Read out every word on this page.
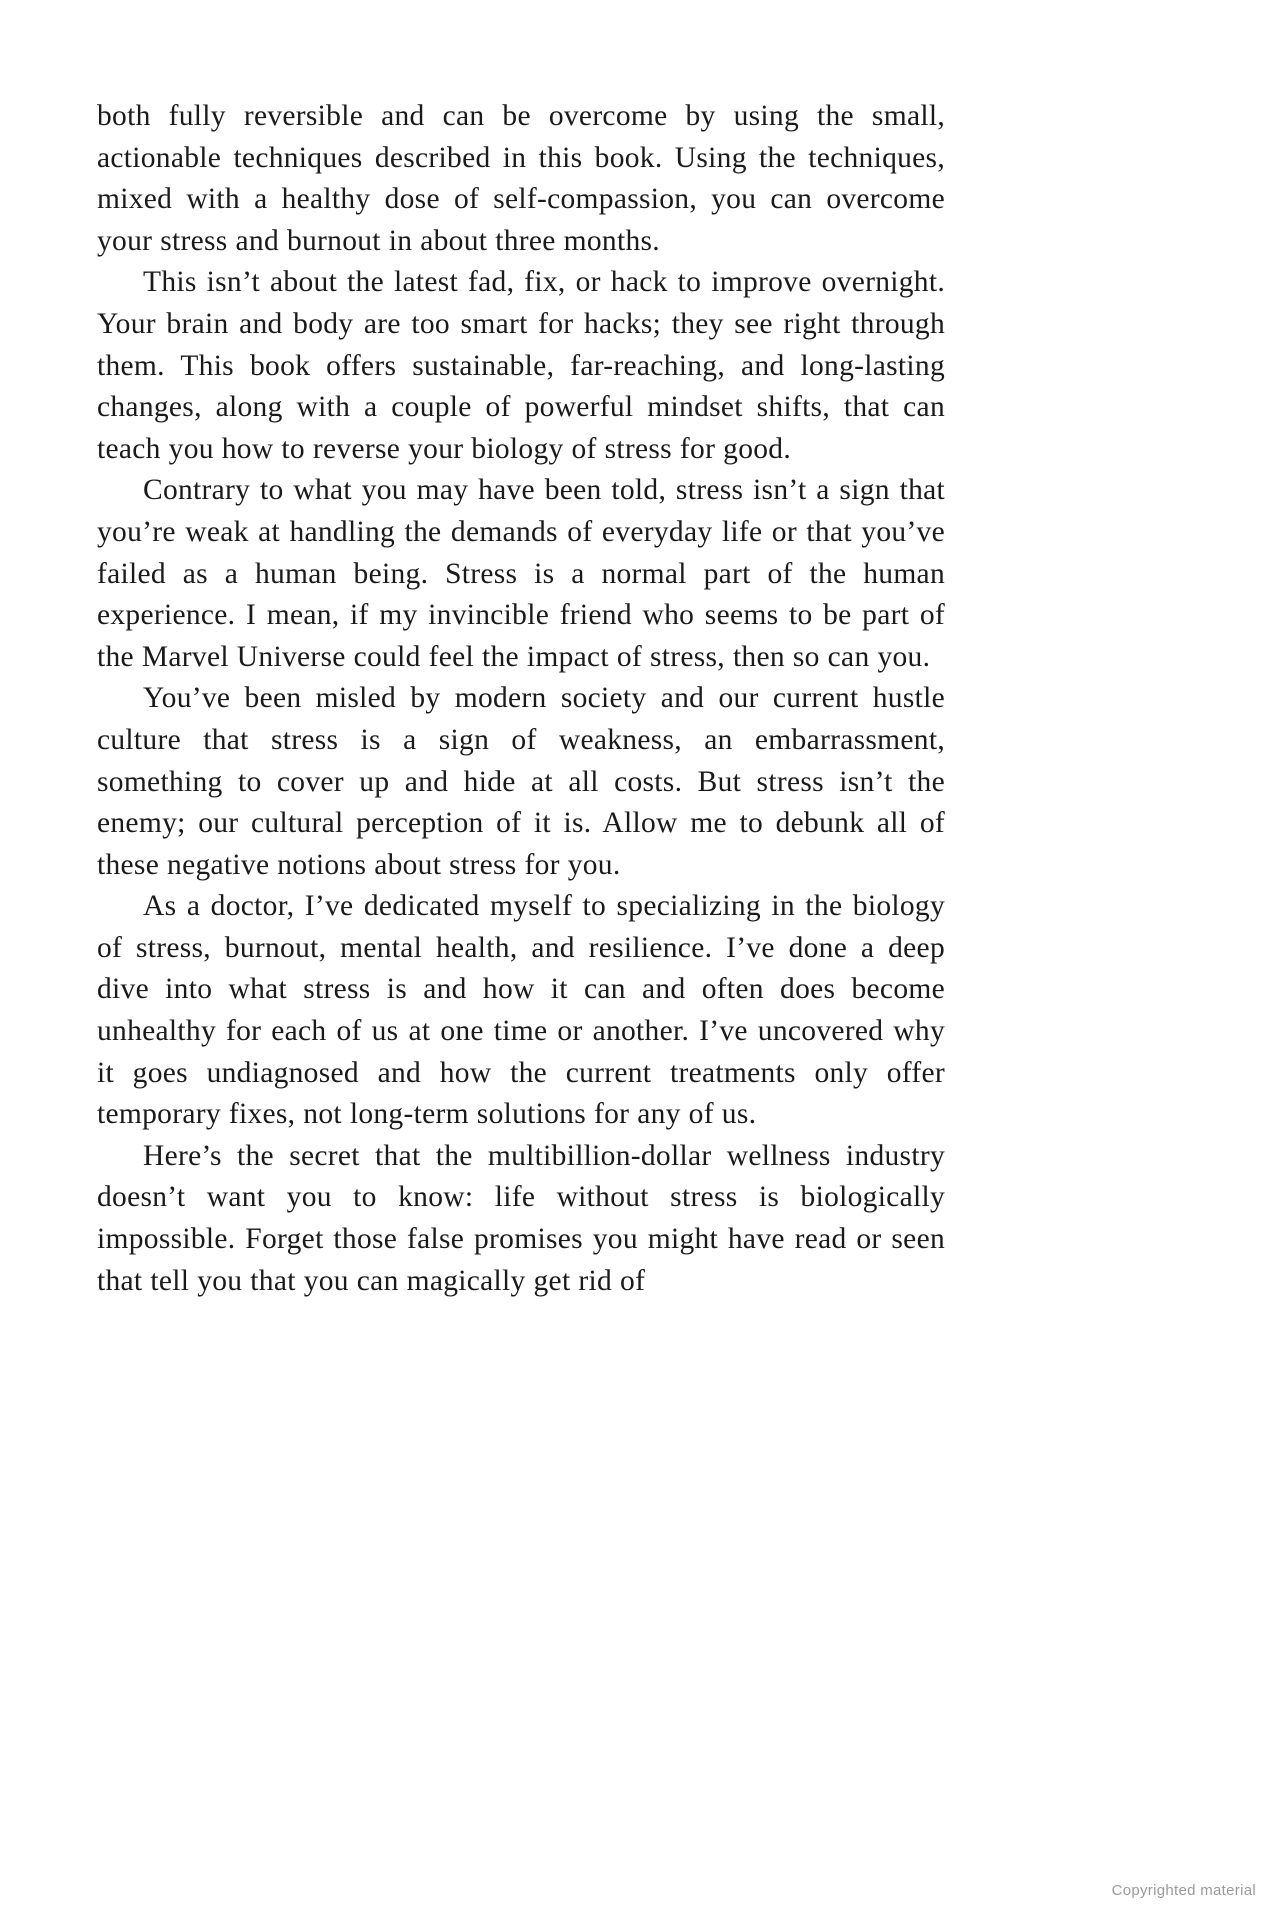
both fully reversible and can be overcome by using the small, actionable techniques described in this book. Using the techniques, mixed with a healthy dose of self-compassion, you can overcome your stress and burnout in about three months.

This isn’t about the latest fad, fix, or hack to improve overnight. Your brain and body are too smart for hacks; they see right through them. This book offers sustainable, far-reaching, and long-lasting changes, along with a couple of powerful mindset shifts, that can teach you how to reverse your biology of stress for good.

Contrary to what you may have been told, stress isn’t a sign that you’re weak at handling the demands of everyday life or that you’ve failed as a human being. Stress is a normal part of the human experience. I mean, if my invincible friend who seems to be part of the Marvel Universe could feel the impact of stress, then so can you.

You’ve been misled by modern society and our current hustle culture that stress is a sign of weakness, an embarrassment, something to cover up and hide at all costs. But stress isn’t the enemy; our cultural perception of it is. Allow me to debunk all of these negative notions about stress for you.

As a doctor, I’ve dedicated myself to specializing in the biology of stress, burnout, mental health, and resilience. I’ve done a deep dive into what stress is and how it can and often does become unhealthy for each of us at one time or another. I’ve uncovered why it goes undiagnosed and how the current treatments only offer temporary fixes, not long-term solutions for any of us.

Here’s the secret that the multibillion-dollar wellness industry doesn’t want you to know: life without stress is biologically impossible. Forget those false promises you might have read or seen that tell you that you can magically get rid of

Copyrighted material
